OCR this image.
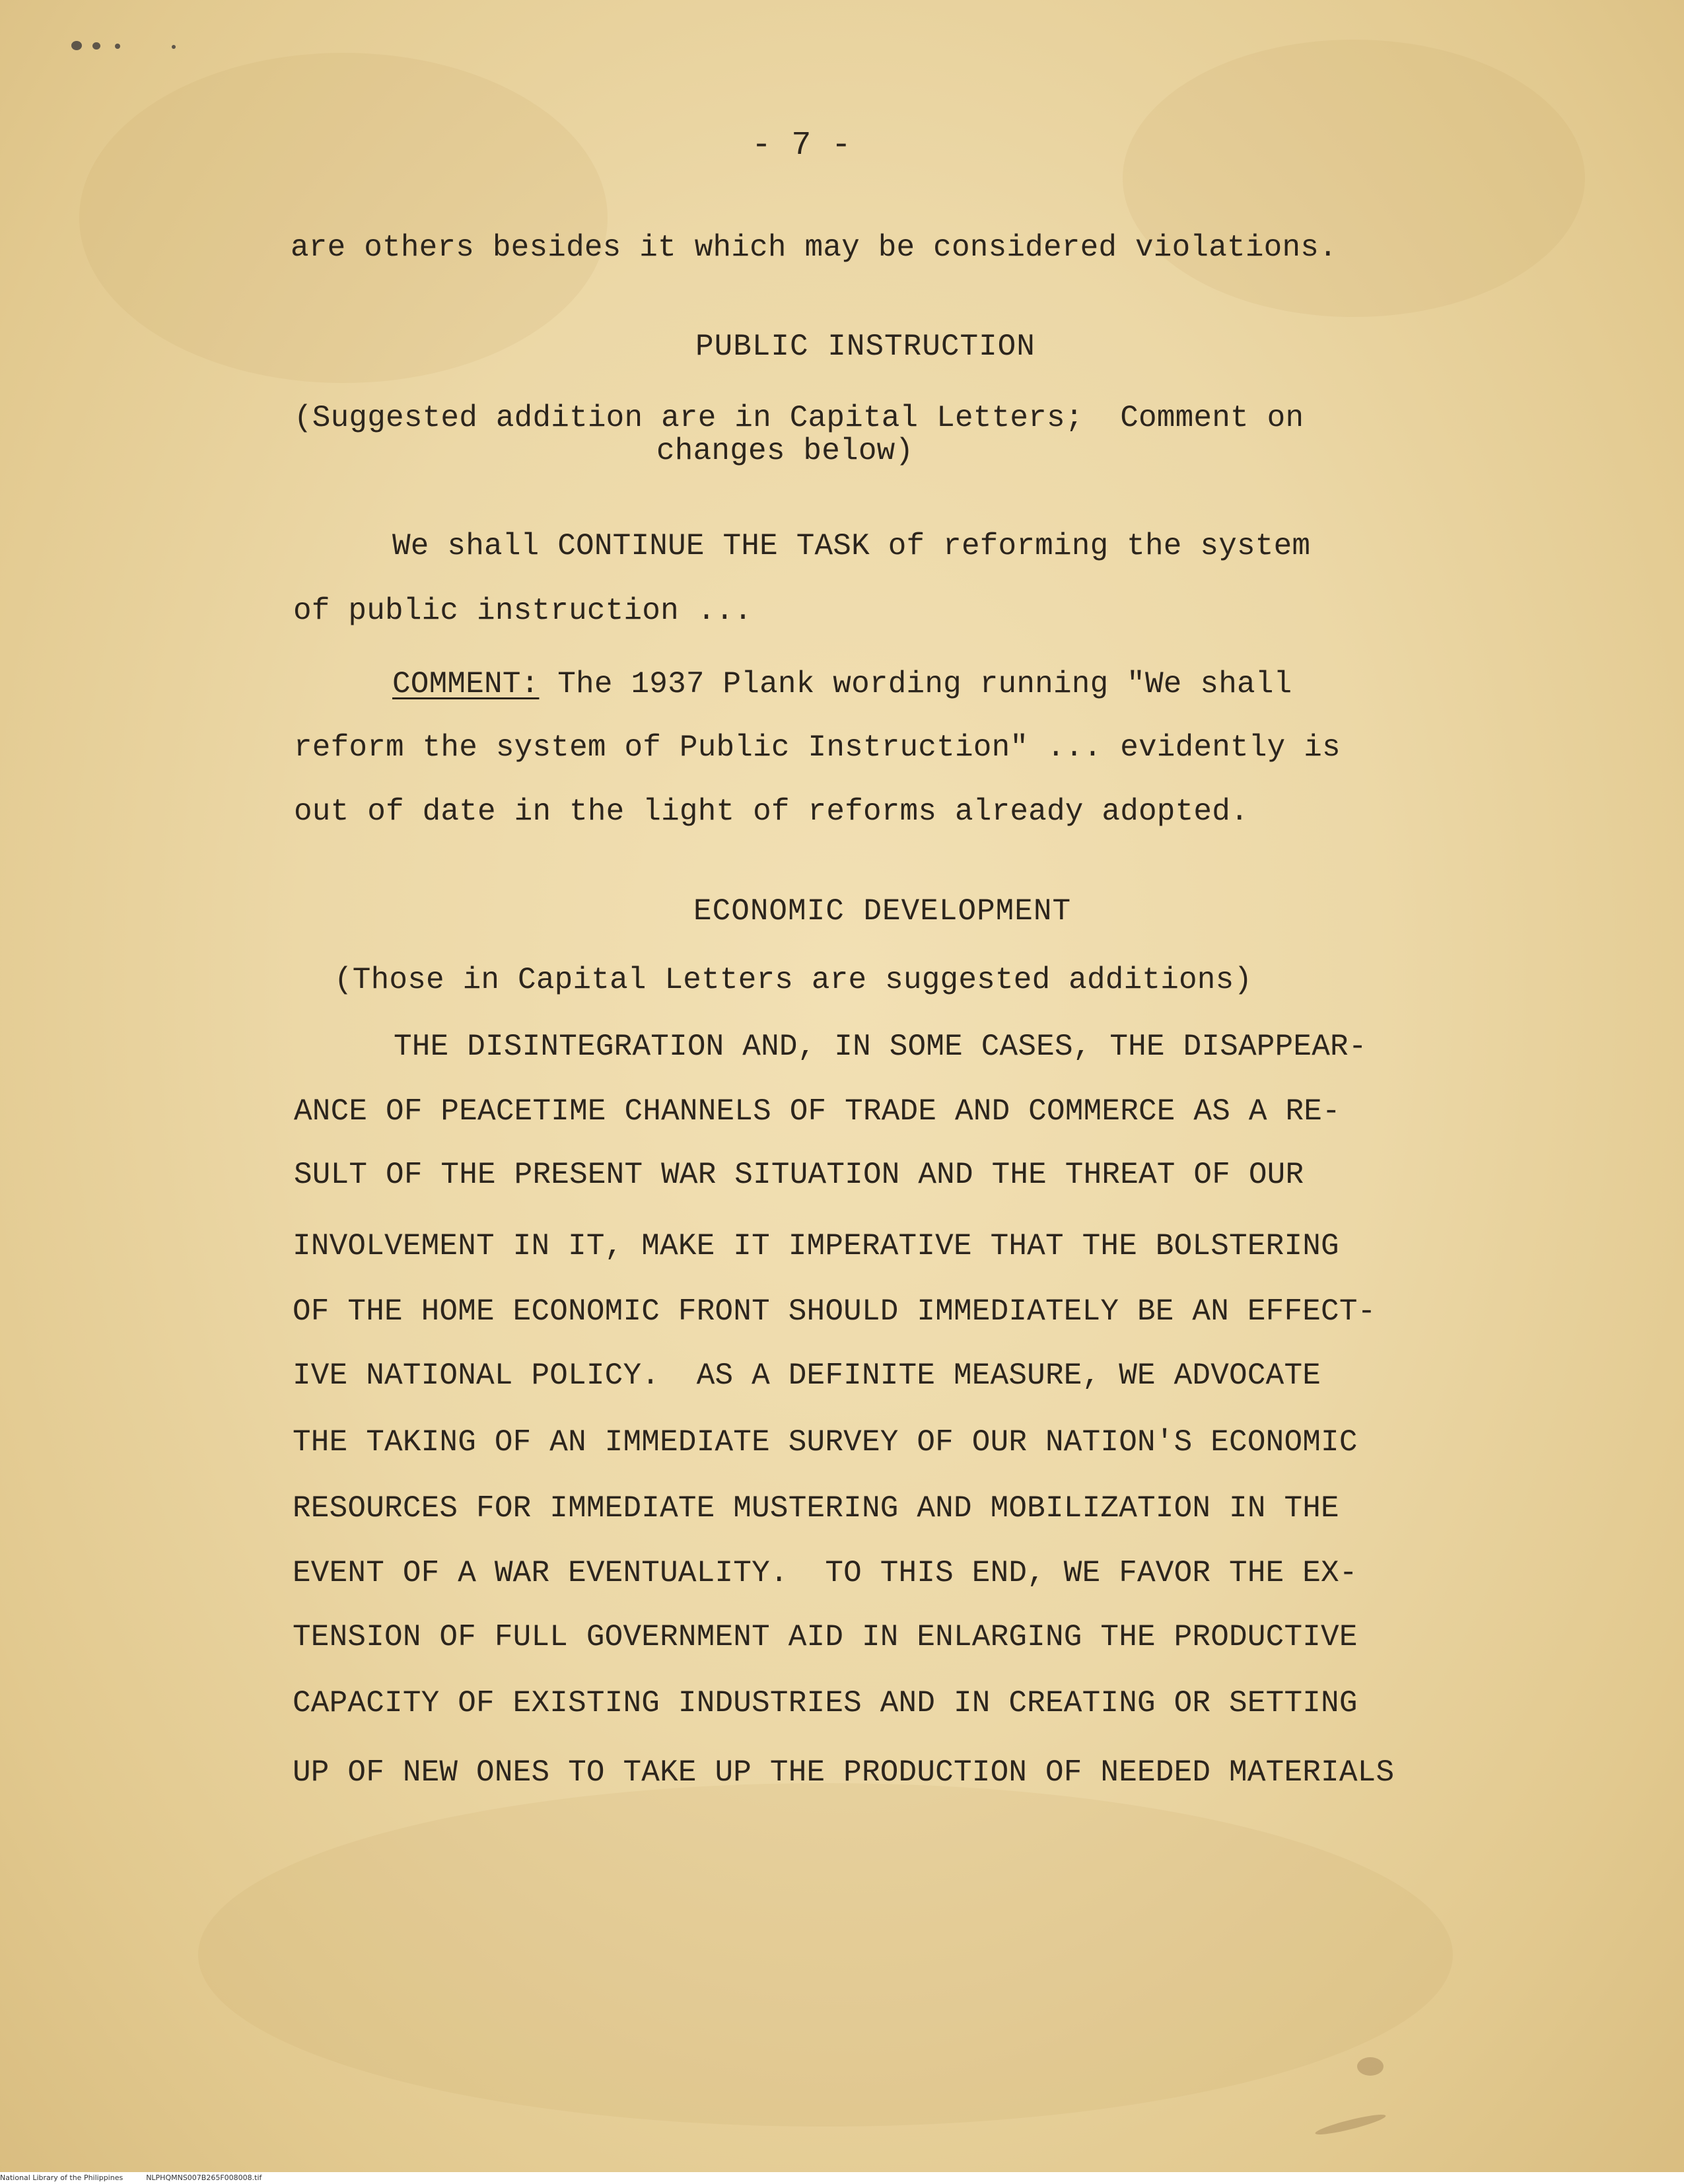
- 7 -

are others besides it which may be considered violations.

PUBLIC INSTRUCTION

(Suggested addition are in Capital Letters;  Comment on

changes below)

We shall CONTINUE THE TASK of reforming the system

of public instruction ...

COMMENT: The 1937 Plank wording running "We shall

reform the system of Public Instruction" ... evidently is

out of date in the light of reforms already adopted.

ECONOMIC DEVELOPMENT

(Those in Capital Letters are suggested additions)

THE DISINTEGRATION AND, IN SOME CASES, THE DISAPPEAR-

ANCE OF PEACETIME CHANNELS OF TRADE AND COMMERCE AS A RE-

SULT OF THE PRESENT WAR SITUATION AND THE THREAT OF OUR

INVOLVEMENT IN IT, MAKE IT IMPERATIVE THAT THE BOLSTERING

OF THE HOME ECONOMIC FRONT SHOULD IMMEDIATELY BE AN EFFECT-

IVE NATIONAL POLICY.  AS A DEFINITE MEASURE, WE ADVOCATE

THE TAKING OF AN IMMEDIATE SURVEY OF OUR NATION'S ECONOMIC

RESOURCES FOR IMMEDIATE MUSTERING AND MOBILIZATION IN THE

EVENT OF A WAR EVENTUALITY.  TO THIS END, WE FAVOR THE EX-

TENSION OF FULL GOVERNMENT AID IN ENLARGING THE PRODUCTIVE

CAPACITY OF EXISTING INDUSTRIES AND IN CREATING OR SETTING

UP OF NEW ONES TO TAKE UP THE PRODUCTION OF NEEDED MATERIALS

National Library of the Philippines	NLPHQMNS007B265F008008.tif
